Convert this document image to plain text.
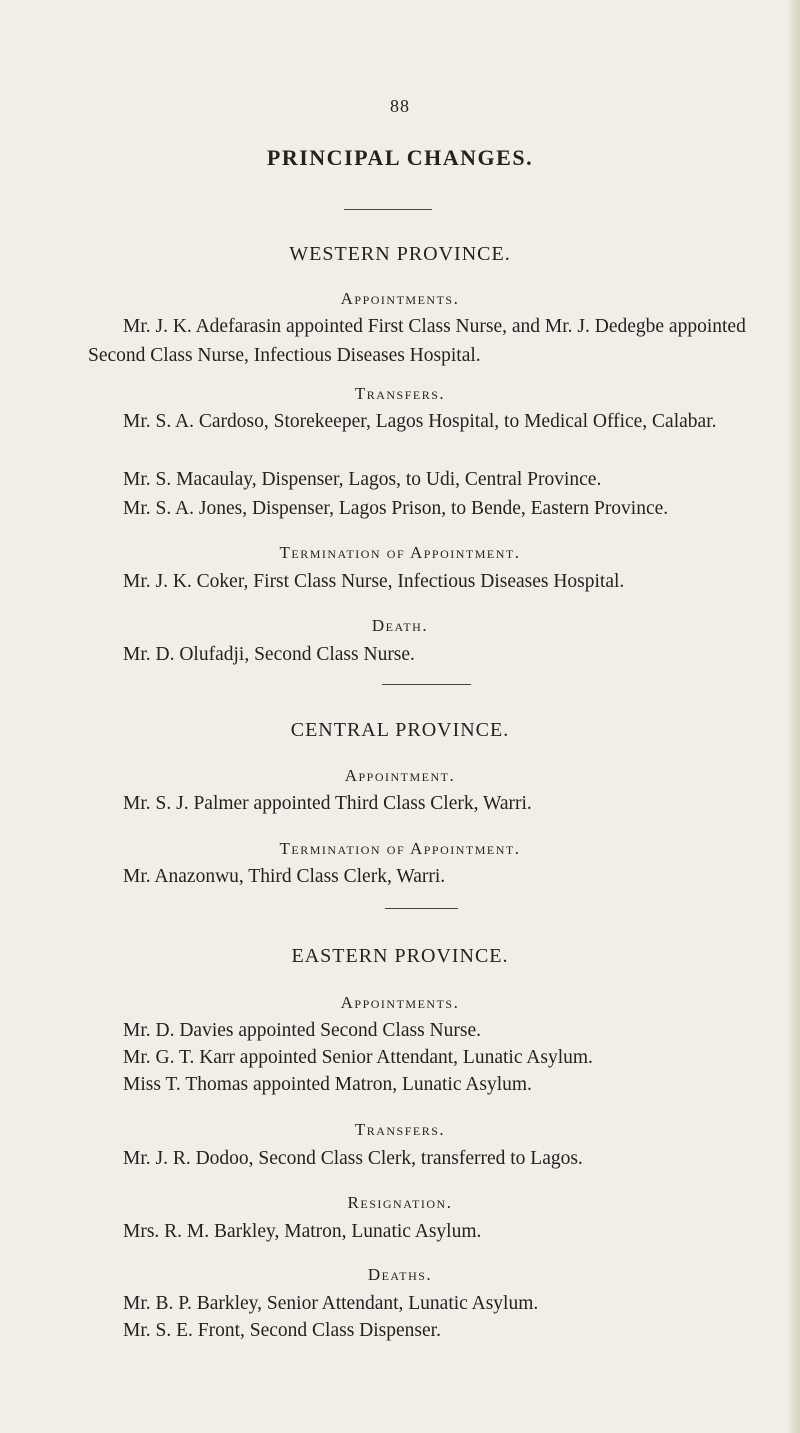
88
PRINCIPAL CHANGES.
WESTERN PROVINCE.
Appointments.

Mr. J. K. Adefarasin appointed First Class Nurse, and Mr. J. Dedegbe appointed Second Class Nurse, Infectious Diseases Hospital.

Transfers.

Mr. S. A. Cardoso, Storekeeper, Lagos Hospital, to Medical Office, Calabar.

Mr. S. Macaulay, Dispenser, Lagos, to Udi, Central Province.

Mr. S. A. Jones, Dispenser, Lagos Prison, to Bende, Eastern Province.

Termination of Appointment.

Mr. J. K. Coker, First Class Nurse, Infectious Diseases Hospital.

Death.

Mr. D. Olufadji, Second Class Nurse.

CENTRAL PROVINCE.
Appointment.

Mr. S. J. Palmer appointed Third Class Clerk, Warri.

Termination of Appointment.

Mr. Anazonwu, Third Class Clerk, Warri.

EASTERN PROVINCE.
Appointments.

Mr. D. Davies appointed Second Class Nurse.

Mr. G. T. Karr appointed Senior Attendant, Lunatic Asylum.

Miss T. Thomas appointed Matron, Lunatic Asylum.

Transfers.

Mr. J. R. Dodoo, Second Class Clerk, transferred to Lagos.

Resignation.

Mrs. R. M. Barkley, Matron, Lunatic Asylum.

Deaths.

Mr. B. P. Barkley, Senior Attendant, Lunatic Asylum.

Mr. S. E. Front, Second Class Dispenser.
